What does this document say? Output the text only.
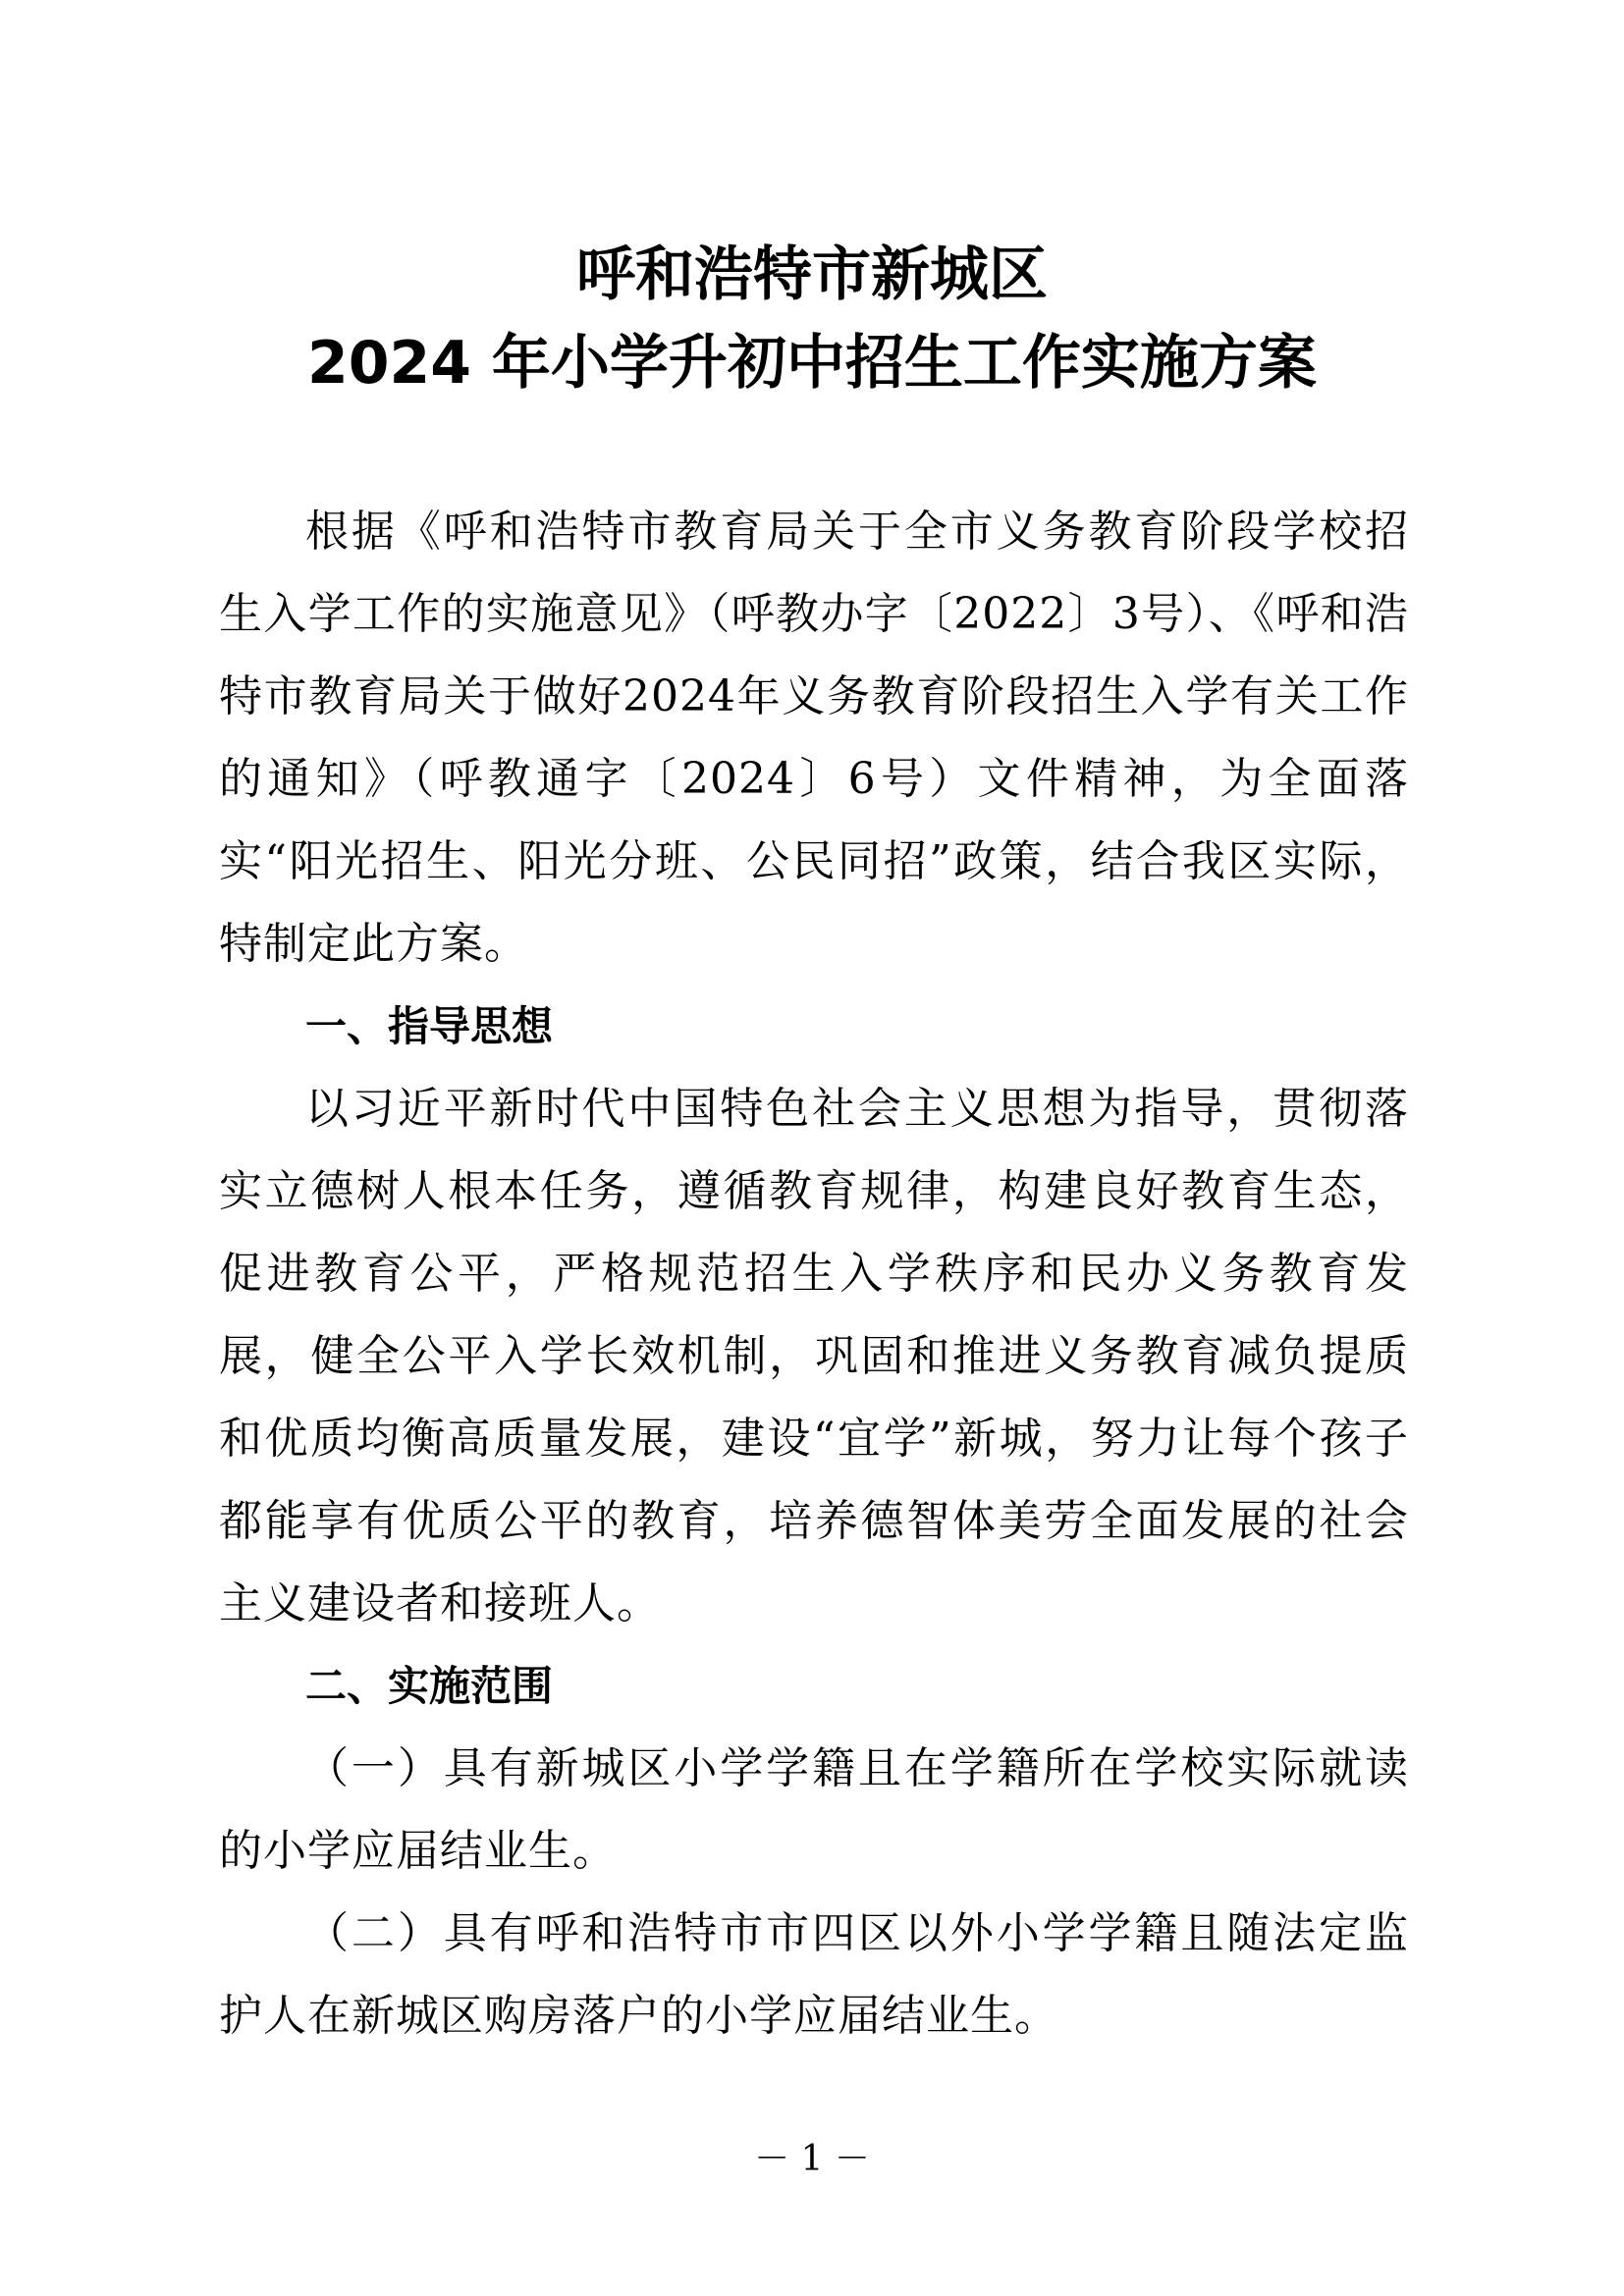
呼和浩特市新城区
2024 年小学升初中招生工作实施方案

根据《呼和浩特市教育局关于全市义务教育阶段学校招生入学工作的实施意见》（呼教办字〔2022〕3号）、《呼和浩特市教育局关于做好2024年义务教育阶段招生入学有关工作的通知》（呼教通字〔2024〕6号）文件精神，为全面落实“阳光招生、阳光分班、公民同招”政策，结合我区实际，特制定此方案。

一、指导思想

以习近平新时代中国特色社会主义思想为指导，贯彻落实立德树人根本任务，遵循教育规律，构建良好教育生态，促进教育公平，严格规范招生入学秩序和民办义务教育发展，健全公平入学长效机制，巩固和推进义务教育减负提质和优质均衡高质量发展，建设“宜学”新城，努力让每个孩子都能享有优质公平的教育，培养德智体美劳全面发展的社会主义建设者和接班人。

二、实施范围

（一）具有新城区小学学籍且在学籍所在学校实际就读的小学应届结业生。

（二）具有呼和浩特市市四区以外小学学籍且随法定监护人在新城区购房落户的小学应届结业生。

－ 1 －
